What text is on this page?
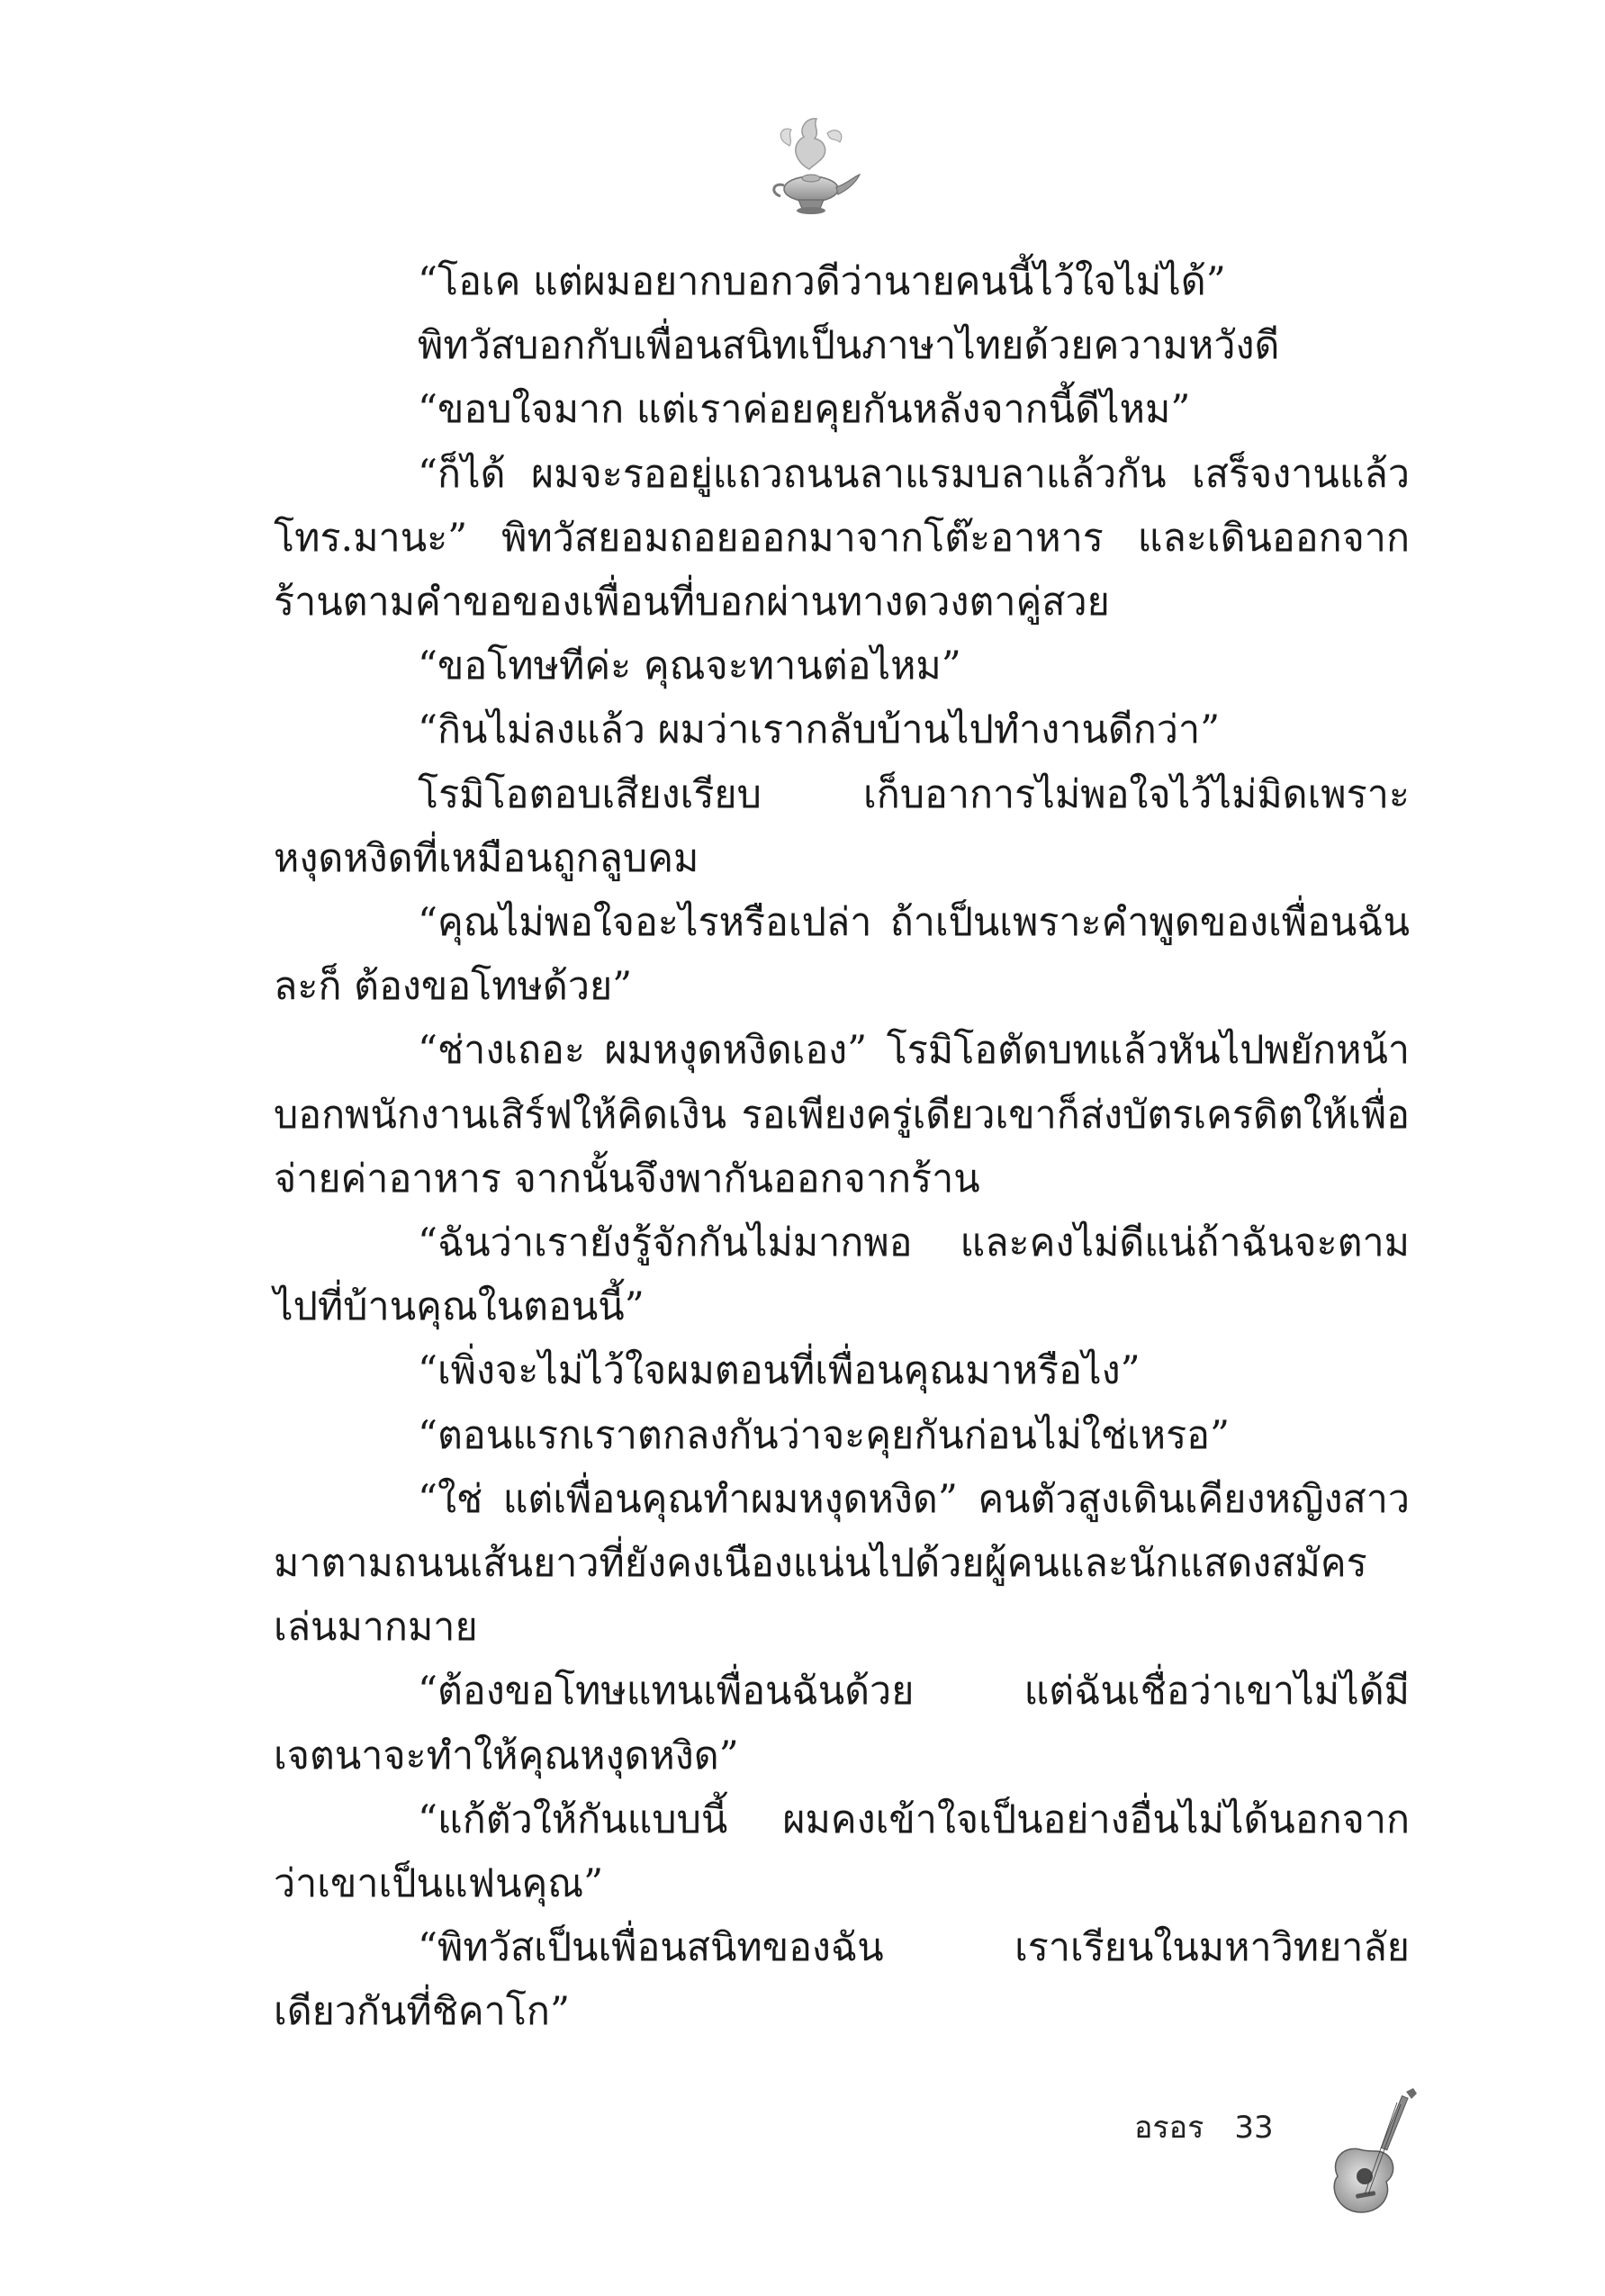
“โอเค แต่ผมอยากบอกวดีว่านายคนนี้ไว้ใจไม่ได้”

พิทวัสบอกกับเพื่อนสนิทเป็นภาษาไทยด้วยความหวังดี

“ขอบใจมาก แต่เราค่อยคุยกันหลังจากนี้ดีไหม”

“ก็ได้ ผมจะรออยู่แถวถนนลาแรมบลาแล้วกัน เสร็จงานแล้วโทร.มานะ” พิทวัสยอมถอยออกมาจากโต๊ะอาหาร และเดินออกจากร้านตามคำขอของเพื่อนที่บอกผ่านทางดวงตาคู่สวย

“ขอโทษทีค่ะ คุณจะทานต่อไหม”

“กินไม่ลงแล้ว ผมว่าเรากลับบ้านไปทำงานดีกว่า”

โรมิโอตอบเสียงเรียบ เก็บอาการไม่พอใจไว้ไม่มิดเพราะหงุดหงิดที่เหมือนถูกลูบคม

“คุณไม่พอใจอะไรหรือเปล่า ถ้าเป็นเพราะคำพูดของเพื่อนฉันละก็ ต้องขอโทษด้วย”

“ช่างเถอะ ผมหงุดหงิดเอง” โรมิโอตัดบทแล้วหันไปพยักหน้าบอกพนักงานเสิร์ฟให้คิดเงิน รอเพียงครู่เดียวเขาก็ส่งบัตรเครดิตให้เพื่อจ่ายค่าอาหาร จากนั้นจึงพากันออกจากร้าน

“ฉันว่าเรายังรู้จักกันไม่มากพอ และคงไม่ดีแน่ถ้าฉันจะตามไปที่บ้านคุณในตอนนี้”

“เพิ่งจะไม่ไว้ใจผมตอนที่เพื่อนคุณมาหรือไง”

“ตอนแรกเราตกลงกันว่าจะคุยกันก่อนไม่ใช่เหรอ”

“ใช่ แต่เพื่อนคุณทำผมหงุดหงิด” คนตัวสูงเดินเคียงหญิงสาวมาตามถนนเส้นยาวที่ยังคงเนืองแน่นไปด้วยผู้คนและนักแสดงสมัครเล่นมากมาย

“ต้องขอโทษแทนเพื่อนฉันด้วย แต่ฉันเชื่อว่าเขาไม่ได้มีเจตนาจะทำให้คุณหงุดหงิด”

“แก้ตัวให้กันแบบนี้ ผมคงเข้าใจเป็นอย่างอื่นไม่ได้นอกจากว่าเขาเป็นแฟนคุณ”

“พิทวัสเป็นเพื่อนสนิทของฉัน เราเรียนในมหาวิทยาลัยเดียวกันที่ชิคาโก”

อรอร 33
